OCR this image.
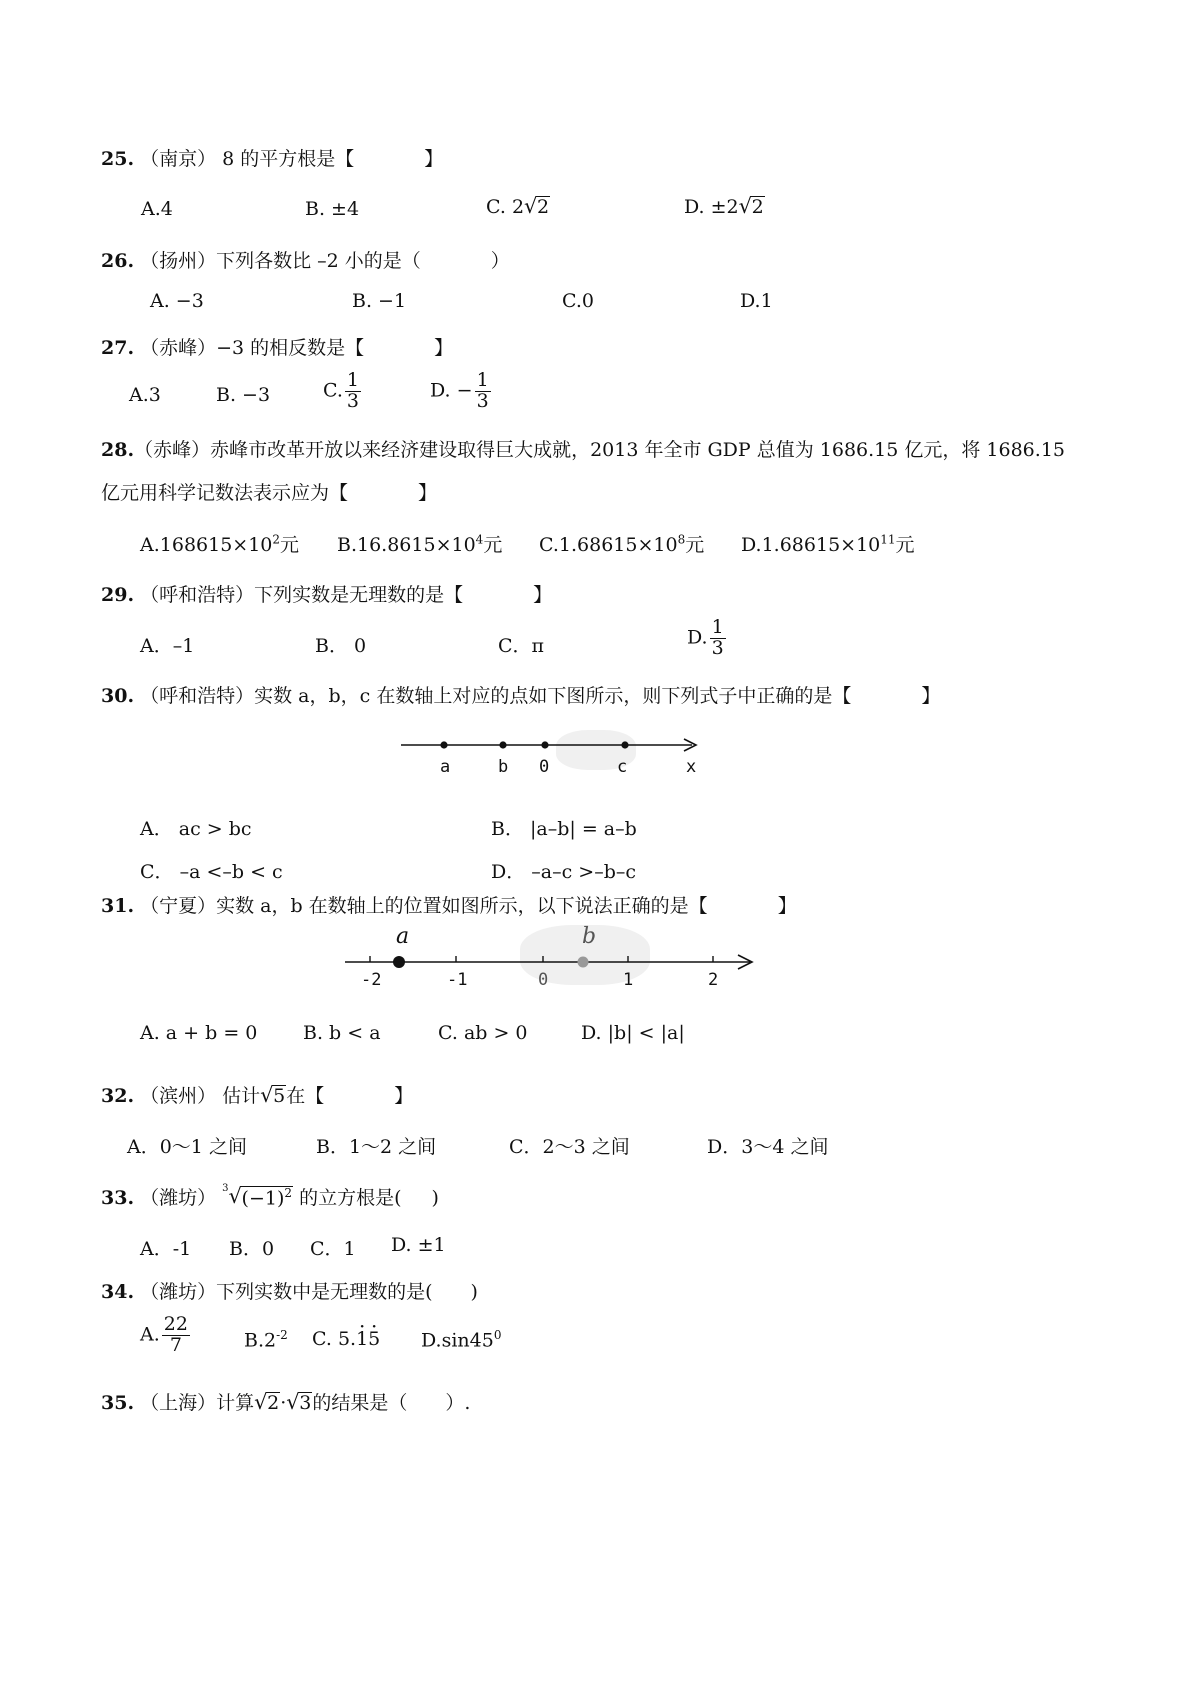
25. （南京） 8 的平方根是【	】
A.4	B. ±4	C. 2 √ 2	D. ±2 √ 2
26. （扬州）下列各数比 –2 小的是（	）
A. −3	B. −1	C.0	D.1
27. （赤峰）−3 的相反数是【	】
A.3	B. −3	C. $\frac{1}{3}$	D. − $\frac{1}{3}$
28.（赤峰）赤峰市改革开放以来经济建设取得巨大成就，2013 年全市 GDP 总值为 1686.15 亿元，将 1686.15
亿元用科学记数法表示应为【	】
$A.168615\times 10^2$元 $B.16.8615\times 10^4$元 $C.1.68615\times 10^8$元 $D.1.68615\times 10^{11}$元
29. （呼和浩特）下列实数是无理数的是【	】
A．–1	B． 0	C．π	D. $\frac{1}{3}$
30. （呼和浩特）实数 a，b，c 在数轴上对应的点如下图所示，则下列式子中正确的是【	】
a	b 0	c	x
A． ac > bc	B． |a–b| = a–b
C． –a <–b < c	D． –a–c >–b–c
31. （宁夏）实数 a，b 在数轴上的位置如图所示，以下说法正确的是【	】
a	b
-2	-1	0	1	2
A. a + b = 0 B. b < a	C. ab > 0	D. |b| < |a|
32. （滨州） 估计 √ 5在【	】
A．0～1 之间	B．1～2 之间	C．2～3 之间	D．3～4 之间
33. （潍坊） $^3$ √ $(-1)^2$ 的立方根是( )
A．-1 B．0 C．1 D. ±1
34. （潍坊）下列实数中是无理数的是( )
A. $\frac{22}{7}$	$B.2^{-2}$ C. $5.1 \cdot 5 \cdot D.\sin 45^0$
35. （上海）计算 √ 2· √ 3的结果是（ ）.
